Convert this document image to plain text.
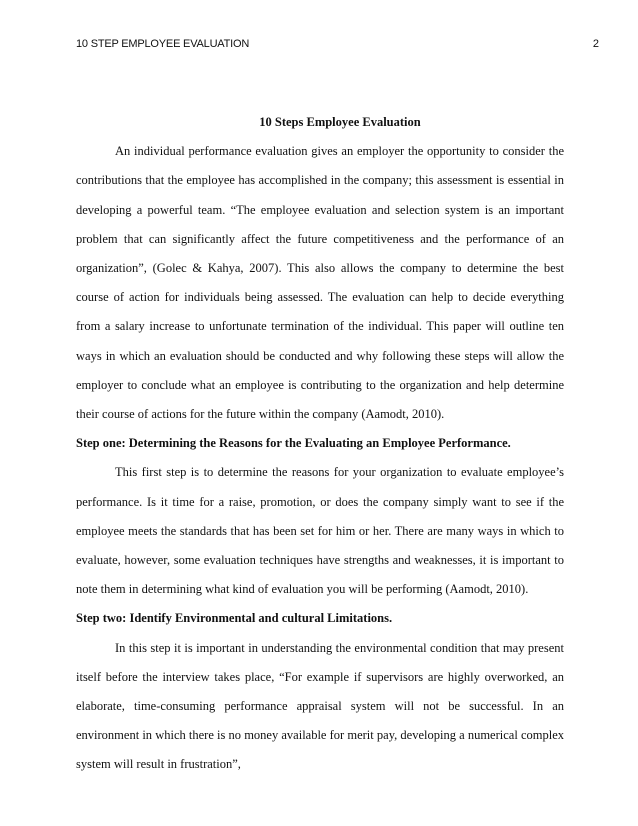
10 STEP EMPLOYEE EVALUATION	2

10 Steps Employee Evaluation

An individual performance evaluation gives an employer the opportunity to consider the contributions that the employee has accomplished in the company; this assessment is essential in developing a powerful team. “The employee evaluation and selection system is an important problem that can significantly affect the future competitiveness and the performance of an organization”, (Golec & Kahya, 2007). This also allows the company to determine the best course of action for individuals being assessed. The evaluation can help to decide everything from a salary increase to unfortunate termination of the individual. This paper will outline ten ways in which an evaluation should be conducted and why following these steps will allow the employer to conclude what an employee is contributing to the organization and help determine their course of actions for the future within the company (Aamodt, 2010).

Step one: Determining the Reasons for the Evaluating an Employee Performance.

This first step is to determine the reasons for your organization to evaluate employee’s performance. Is it time for a raise, promotion, or does the company simply want to see if the employee meets the standards that has been set for him or her. There are many ways in which to evaluate, however, some evaluation techniques have strengths and weaknesses, it is important to note them in determining what kind of evaluation you will be performing (Aamodt, 2010).

Step two: Identify Environmental and cultural Limitations.

In this step it is important in understanding the environmental condition that may present itself before the interview takes place, “For example if supervisors are highly overworked, an elaborate, time-consuming performance appraisal system will not be successful. In an environment in which there is no money available for merit pay, developing a numerical complex system will result in frustration”,
